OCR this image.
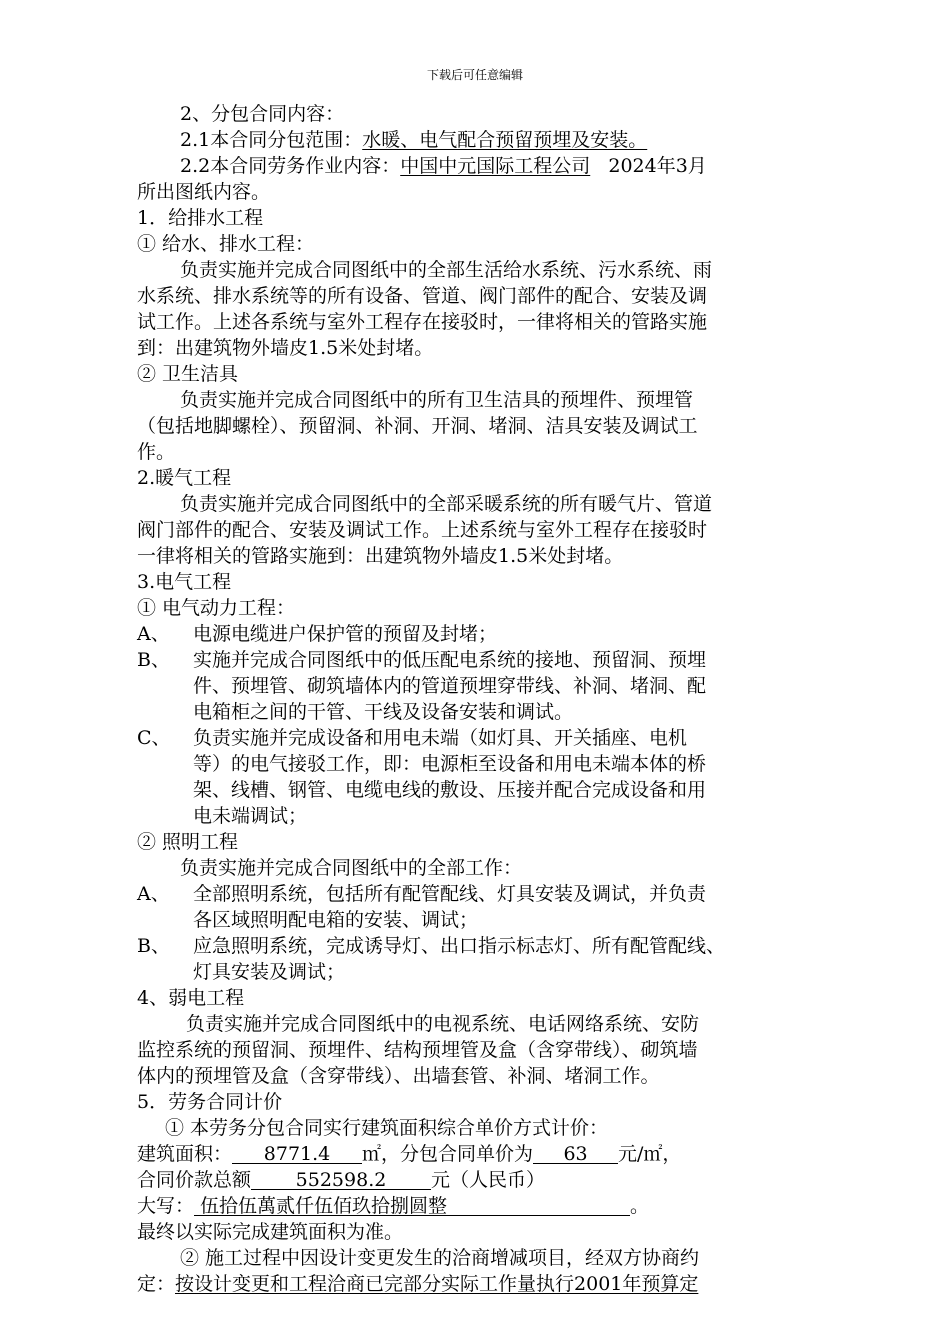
下载后可任意编辑
2、分包合同内容：
2.1本合同分包范围：水暖、电气配合预留预埋及安装。
2.2本合同劳务作业内容：中国中元国际工程公司   2024年3月
所出图纸内容。
1．给排水工程
① 给水、排水工程：
负责实施并完成合同图纸中的全部生活给水系统、污水系统、雨
水系统、排水系统等的所有设备、管道、阀门部件的配合、安装及调
试工作。上述各系统与室外工程存在接驳时，一律将相关的管路实施
到：出建筑物外墙皮1.5米处封堵。
② 卫生洁具
负责实施并完成合同图纸中的所有卫生洁具的预埋件、预埋管
（包括地脚螺栓）、预留洞、补洞、开洞、堵洞、洁具安装及调试工
作。
2.暖气工程
负责实施并完成合同图纸中的全部采暖系统的所有暖气片、管道
阀门部件的配合、安装及调试工作。上述系统与室外工程存在接驳时
一律将相关的管路实施到：出建筑物外墙皮1.5米处封堵。
3.电气工程
① 电气动力工程：
A、 电源电缆进户保护管的预留及封堵；
B、 实施并完成合同图纸中的低压配电系统的接地、预留洞、预埋
件、预埋管、砌筑墙体内的管道预埋穿带线、补洞、堵洞、配
电箱柜之间的干管、干线及设备安装和调试。
C、 负责实施并完成设备和用电未端（如灯具、开关插座、电机
等）的电气接驳工作，即：电源柜至设备和用电未端本体的桥
架、线槽、钢管、电缆电线的敷设、压接并配合完成设备和用
电未端调试；
② 照明工程
负责实施并完成合同图纸中的全部工作：
A、 全部照明系统，包括所有配管配线、灯具安装及调试，并负责
各区域照明配电箱的安装、调试；
B、 应急照明系统，完成诱导灯、出口指示标志灯、所有配管配线、
灯具安装及调试；
4、弱电工程
负责实施并完成合同图纸中的电视系统、电话网络系统、安防
监控系统的预留洞、预埋件、结构预埋管及盒（含穿带线）、砌筑墙
体内的预埋管及盒（含穿带线）、出墙套管、补洞、堵洞工作。
5．劳务合同计价
① 本劳务分包合同实行建筑面积综合单价方式计价：
建筑面积： 8771.4 ㎡，分包合同单价为 63 元/㎡，
合同价款总额 552598.2 元（人民币）
大写： 伍拾伍萬贰仟伍佰玖拾捌圆整	。
最终以实际完成建筑面积为准。
② 施工过程中因设计变更发生的洽商增减项目，经双方协商约
定：按设计变更和工程洽商已完部分实际工作量执行2001年预算定
